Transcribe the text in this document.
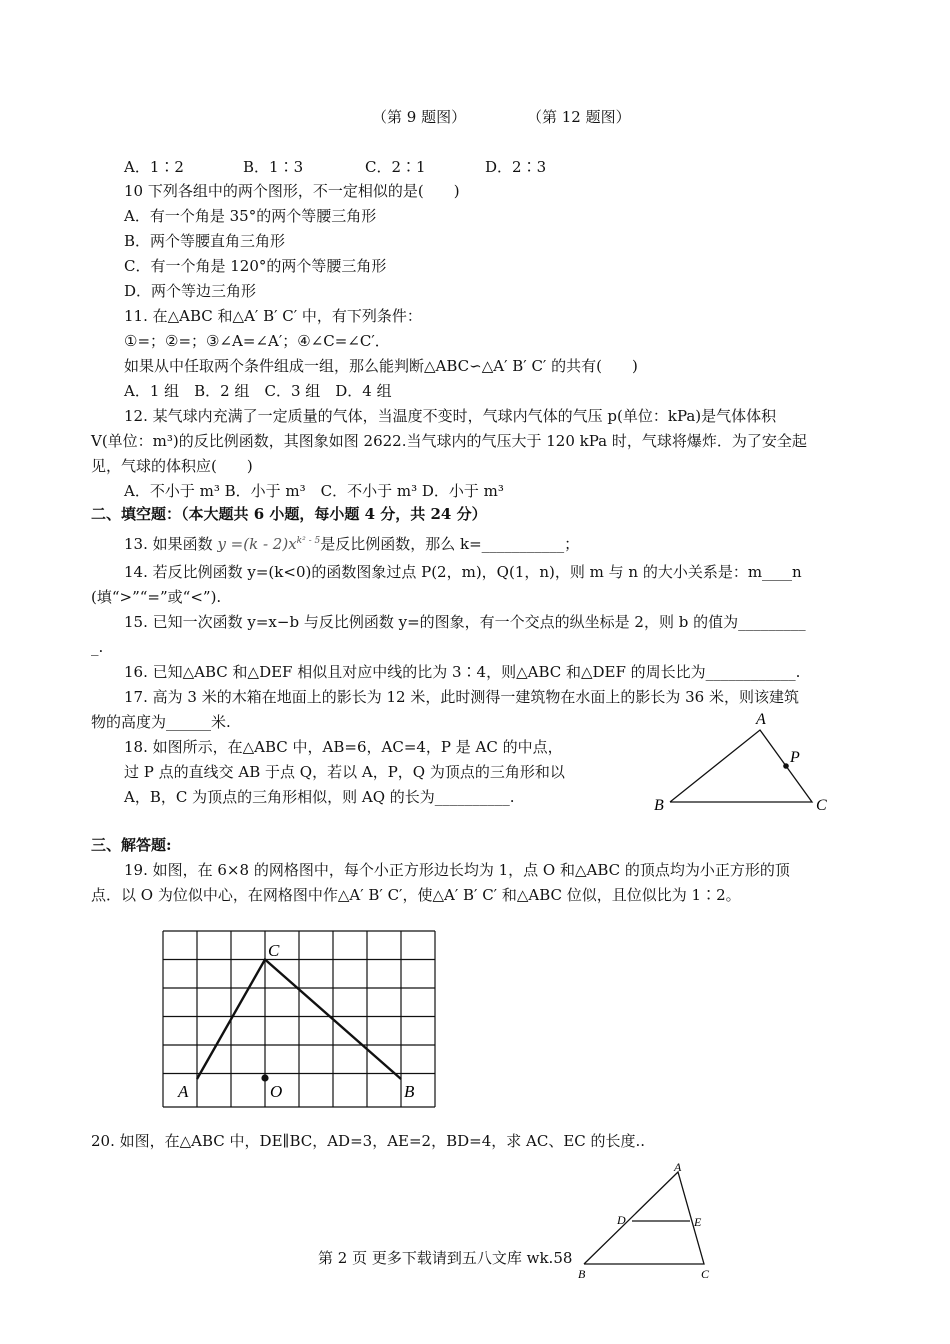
（第 9 题图）	（第 12 题图）
A．1∶2	B．1∶3	C．2∶1	D．2∶3
10 下列各组中的两个图形，不一定相似的是(　　)
A．有一个角是 35°的两个等腰三角形
B．两个等腰直角三角形
C．有一个角是 120°的两个等腰三角形
D．两个等边三角形
11. 在△ABC 和△A′ B′ C′ 中，有下列条件：
①=；②=；③∠A=∠A′；④∠C=∠C′．
如果从中任取两个条件组成一组，那么能判断△ABC∽△A′ B′ C′ 的共有(　　)
A．1 组　B．2 组　C．3 组　D．4 组
12. 某气球内充满了一定质量的气体，当温度不变时，气球内气体的气压 p(单位：kPa)是气体体积
V(单位：m³)的反比例函数，其图象如图 2622.当气球内的气压大于 120 kPa 时，气球将爆炸．为了安全起
见，气球的体积应(　　)
A．不小于 m³ B．小于 m³　C．不小于 m³ D．小于 m³
二、填空题：（本大题共 6 小题，每小题 4 分，共 24 分）
13. 如果函数 $y =(k - 2)x^{k^2 - 5}$是反比例函数，那么 k=___________；
14. 若反比例函数 y=(k<0)的函数图象过点 P(2，m)，Q(1，n)，则 m 与 n 的大小关系是：m____n
(填“>”“=”或“<”).
15. 已知一次函数 y=x−b 与反比例函数 y=的图象，有一个交点的纵坐标是 2，则 b 的值为_________
_.
16. 已知△ABC 和△DEF 相似且对应中线的比为 3∶4，则△ABC 和△DEF 的周长比为____________.
17. 高为 3 米的木箱在地面上的影长为 12 米，此时测得一建筑物在水面上的影长为 36 米，则该建筑
物的高度为______米.
18. 如图所示，在△ABC 中，AB=6，AC=4，P 是 AC 的中点，
过 P 点的直线交 AB 于点 Q，若以 A，P，Q 为顶点的三角形和以
A，B，C 为顶点的三角形相似，则 AQ 的长为__________.
A
P
B	C
三、解答题:
19. 如图，在 6×8 的网格图中，每个小正方形边长均为 1，点 O 和△ABC 的顶点均为小正方形的顶
点．以 O 为位似中心，在网格图中作△A′ B′ C′，使△A′ B′ C′ 和△ABC 位似，且位似比为 1∶2。
A	O	B
C
20. 如图，在△ABC 中，DE∥BC，AD=3，AE=2，BD=4，求 AC、EC 的长度..
A
D	E
B	C
第 2 页 更多下载请到五八文库 wk.58
